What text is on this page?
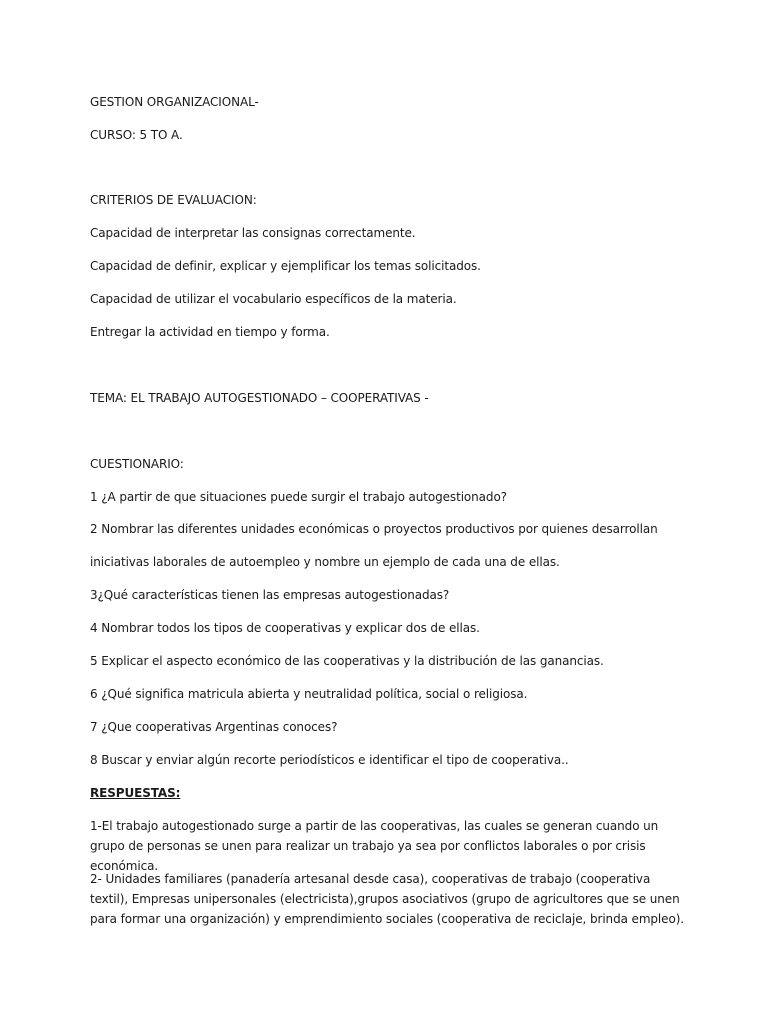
GESTION ORGANIZACIONAL-

CURSO: 5 TO A.

CRITERIOS DE EVALUACION:

Capacidad de interpretar las consignas correctamente.

Capacidad de definir, explicar y ejemplificar los temas solicitados.

Capacidad de utilizar el vocabulario específicos de la materia.

Entregar la actividad en tiempo y forma.

TEMA: EL TRABAJO AUTOGESTIONADO – COOPERATIVAS -

CUESTIONARIO:

1 ¿A partir de que situaciones puede surgir el trabajo autogestionado?

2 Nombrar las diferentes unidades económicas o proyectos productivos por quienes desarrollan

iniciativas laborales de autoempleo y nombre un ejemplo de cada una de ellas.

3¿Qué características tienen las empresas autogestionadas?

4 Nombrar todos los tipos de cooperativas y explicar dos de ellas.

5 Explicar el aspecto económico de las cooperativas y la distribución de las ganancias.

6 ¿Qué significa matricula abierta y neutralidad política, social o religiosa.

7 ¿Que cooperativas Argentinas conoces?

8 Buscar y enviar algún recorte periodísticos e identificar el tipo de cooperativa..

RESPUESTAS:

1-El trabajo autogestionado surge a partir de las cooperativas, las cuales se generan cuando un grupo de personas se unen para realizar un trabajo ya sea por conflictos laborales o por crisis económica.

2- Unidades familiares (panadería artesanal desde casa), cooperativas de trabajo (cooperativa textil), Empresas unipersonales (electricista),grupos asociativos (grupo de agricultores que se unen para formar una organización) y emprendimiento sociales (cooperativa de reciclaje, brinda empleo).
